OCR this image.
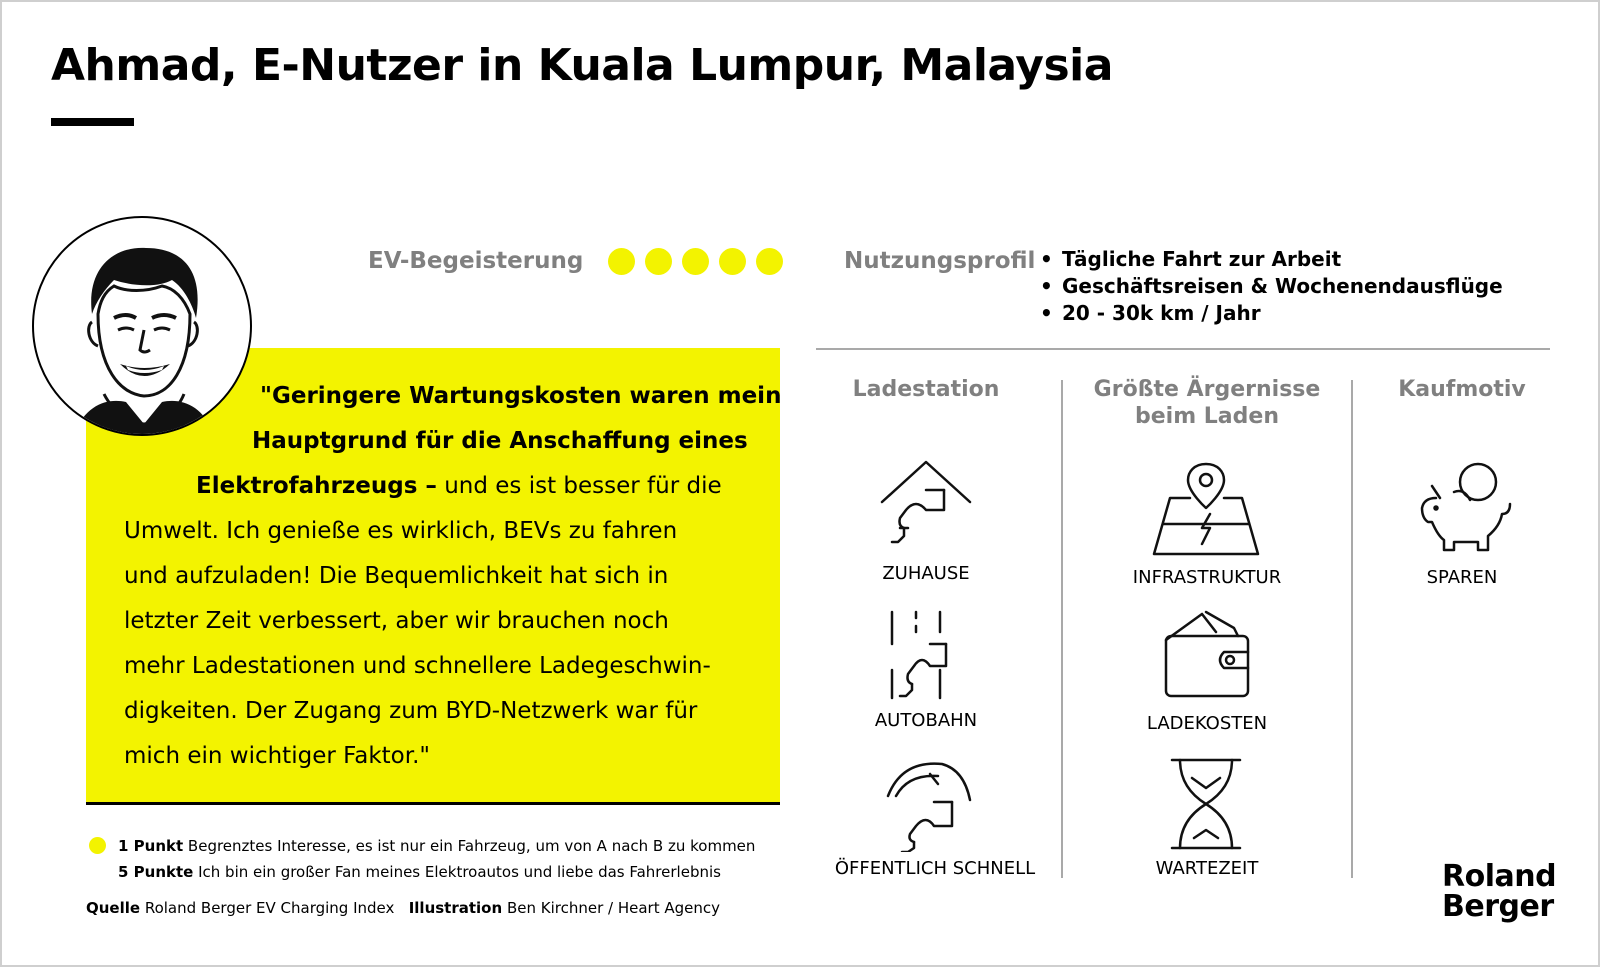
Ahmad, E-Nutzer in Kuala Lumpur, Malaysia
"Geringere Wartungskosten waren mein
Hauptgrund für die Anschaffung eines
Elektrofahrzeugs – und es ist besser für die
Umwelt. Ich genieße es wirklich, BEVs zu fahren
und aufzuladen! Die Bequemlichkeit hat sich in
letzter Zeit verbessert, aber wir brauchen noch
mehr Ladestationen und schnellere Ladegeschwin-
digkeiten. Der Zugang zum BYD-Netzwerk war für
mich ein wichtiger Faktor."
EV-Begeisterung	Nutzungsprofil
•	Tägliche Fahrt zur Arbeit
• Geschäftsreisen & Wochenendausflüge
• 20 - 30k km / Jahr
Ladestation	Größte Ärgernisse
beim Laden
Kaufmotiv
ZUHAUSE
AUTOBAHN
ÖFFENTLICH SCHNELL
INFRASTRUKTUR
LADEKOSTEN
WARTEZEIT
SPAREN
1 Punkt Begrenztes Interesse, es ist nur ein Fahrzeug, um von A nach B zu kommen
5 Punkte Ich bin ein großer Fan meines Elektroautos und liebe das Fahrerlebnis
Quelle Roland Berger EV Charging Index Illustration Ben Kirchner / Heart Agency
Roland
Berger
